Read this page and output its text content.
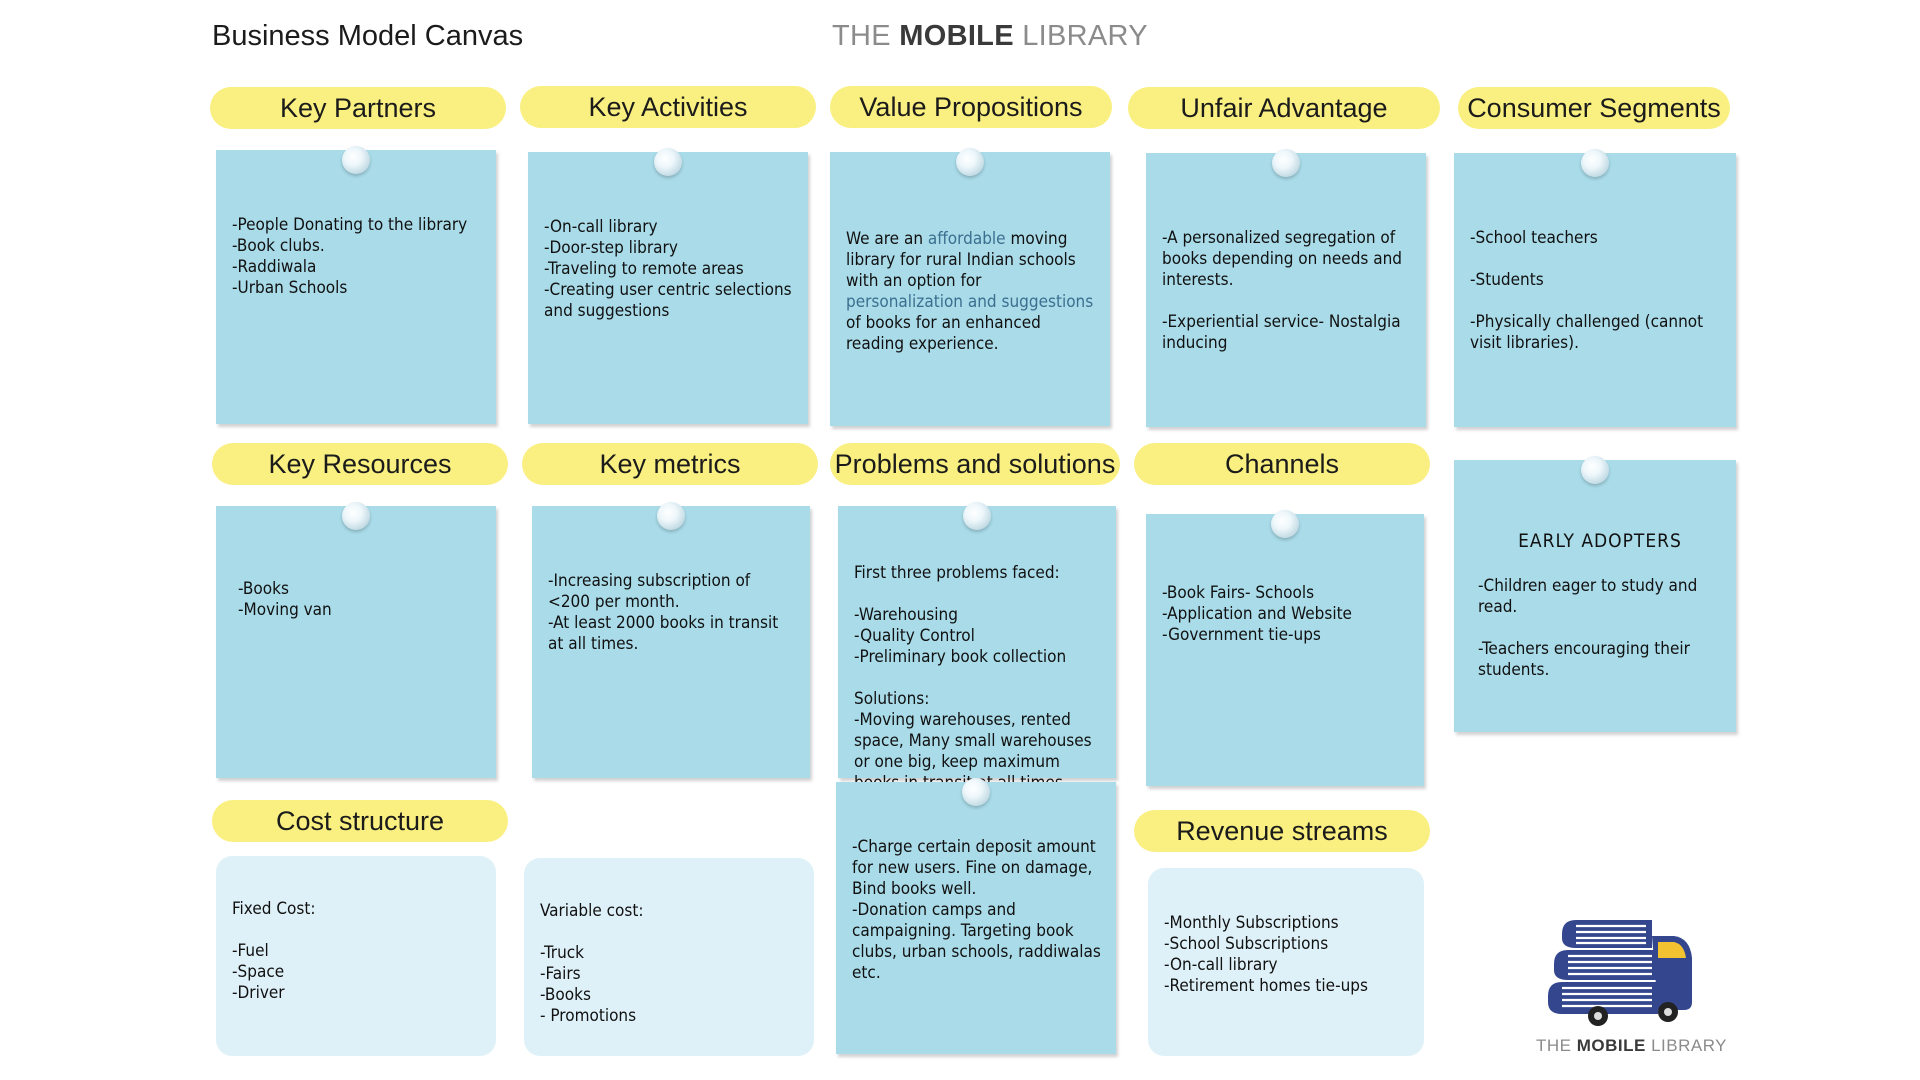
Business Model Canvas	THE MOBILE LIBRARY
Key Partners	Key Activities	Value Propositions	Unfair Advantage	Consumer Segments

-People Donating to the library
-Book clubs.
-Raddiwala
-Urban Schools

-On-call library
-Door-step library
-Traveling to remote areas
-Creating user centric selections and suggestions

We are an affordable moving library for rural Indian schools with an option for personalization and suggestions of books for an enhanced reading experience.

-A personalized segregation of books depending on needs and interests.

-Experiential service- Nostalgia inducing

-School teachers

-Students

-Physically challenged (cannot visit libraries).

Key Resources	Key metrics	Problems and solutions	Channels

-Books
-Moving van

-Increasing subscription of <200 per month.
-At least 2000 books in transit at all times.

First three problems faced:

-Warehousing
-Quality Control
-Preliminary book collection

Solutions:
-Moving warehouses, rented space, Many small warehouses or one big, keep maximum

-Book Fairs- Schools
-Application and Website
-Government tie-ups

EARLY ADOPTERS
-Children eager to study and read.

-Teachers encouraging their students.

-Charge certain deposit amount for new users. Fine on damage, Bind books well.
-Donation camps and campaigning. Targeting book clubs, urban schools, raddiwalas etc.

Cost structure

Fixed Cost:

-Fuel
-Space
-Driver

Variable cost:

-Truck
-Fairs
-Books
- Promotions

Revenue streams

-Monthly Subscriptions
-School Subscriptions
-On-call library
-Retirement homes tie-ups

THE MOBILE LIBRARY
